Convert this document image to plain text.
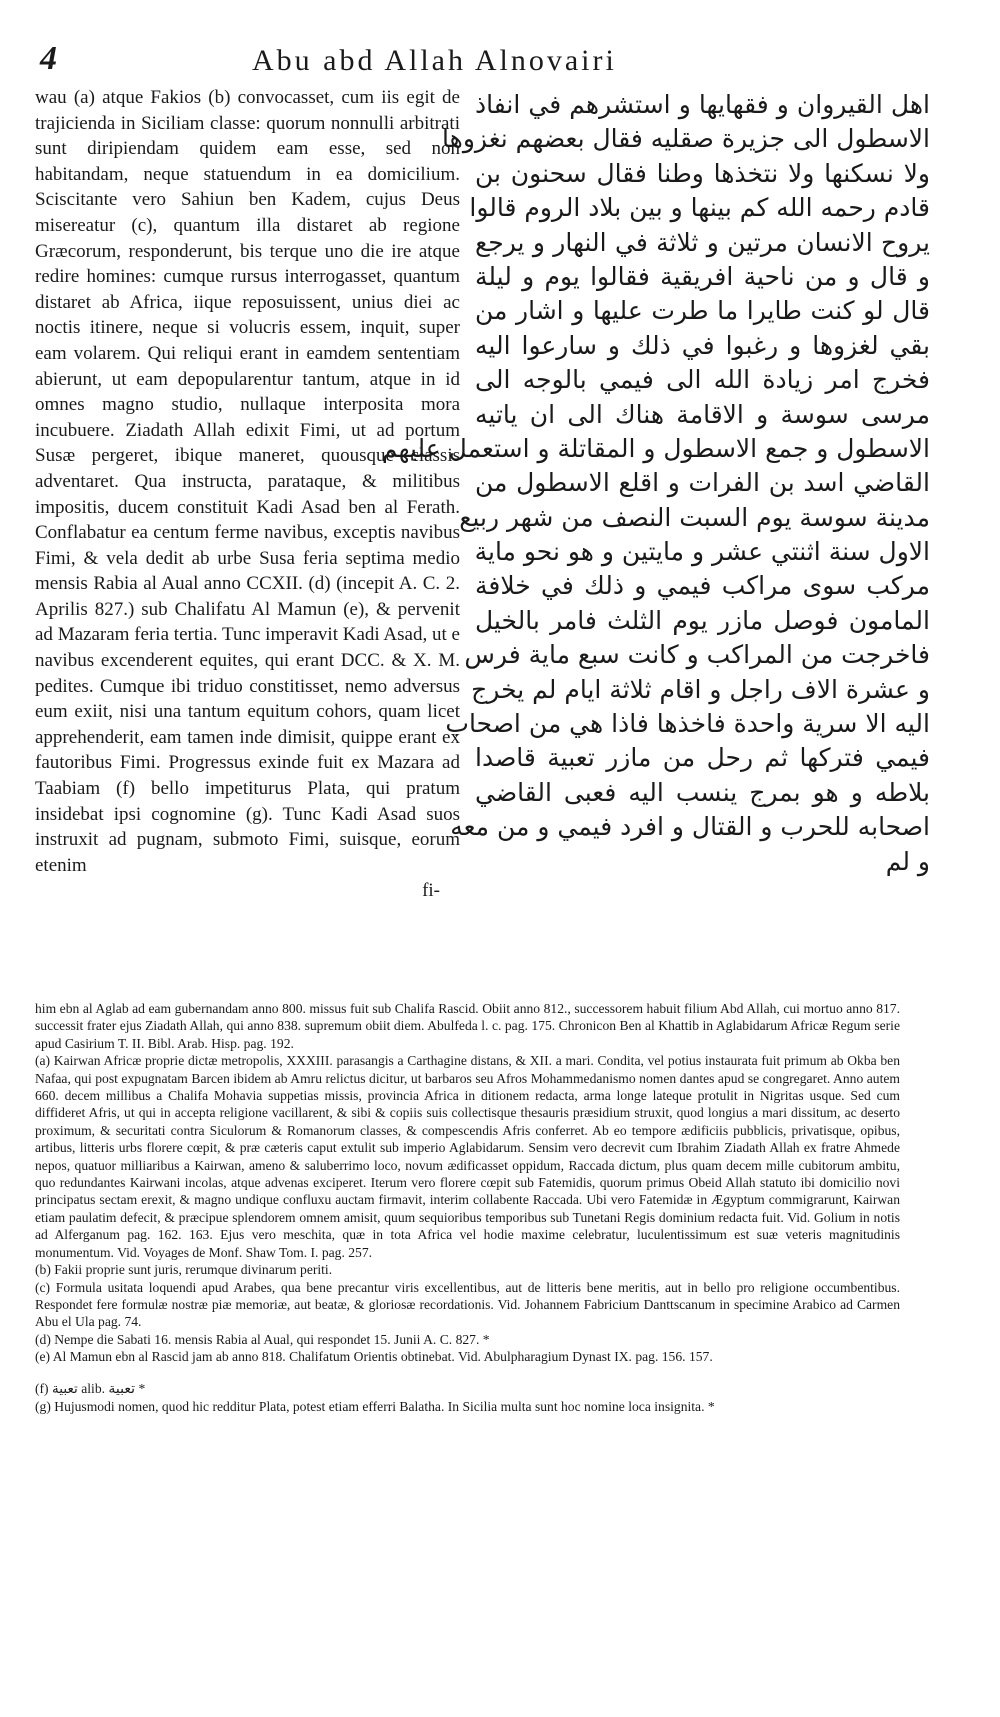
4	Abu abd Allah Alnovairi

wau (a) atque Fakios (b) convocasset, cum iis egit de trajicienda in Siciliam classe: quorum nonnulli arbitrati sunt diripiendam quidem eam esse, sed non habitandam, neque statuendum in ea domicilium. Sciscitante vero Sahiun ben Kadem, cujus Deus misereatur (c), quantum illa distaret ab regione Græcorum, responderunt, bis terque uno die ire atque redire homines: cumque rursus interrogasset, quantum distaret ab Africa, iique reposuissent, unius diei ac noctis itinere, neque si volucris essem, inquit, super eam volarem. Qui reliqui erant in eamdem sententiam abierunt, ut eam depopularentur tantum, atque in id omnes magno studio, nullaque interposita mora incubuere. Ziadath Allah edixit Fimi, ut ad portum Susæ pergeret, ibique maneret, quousque classis adventaret. Qua instructa, parataque, & militibus impositis, ducem constituit Kadi Asad ben al Ferath. Conflabatur ea centum ferme navibus, exceptis navibus Fimi, & vela dedit ab urbe Susa feria septima medio mensis Rabia al Aual anno CCXII. (d) (incepit A. C. 2. Aprilis 827.) sub Chalifatu Al Mamun (e), & pervenit ad Mazaram feria tertia. Tunc imperavit Kadi Asad, ut e navibus excenderent equites, qui erant DCC. & X. M. pedites. Cumque ibi triduo constitisset, nemo adversus eum exiit, nisi una tantum equitum cohors, quam licet apprehenderit, eam tamen inde dimisit, quippe erant ex fautoribus Fimi. Progressus exinde fuit ex Mazara ad Taabiam (f) bello impetiturus Plata, qui pratum insidebat ipsi cognomine (g). Tunc Kadi Asad suos instruxit ad pugnam, submoto Fimi, suisque, eorum etenim

fi-

اهل القيروان و فقهايها و استشرهم في انفاذ
الاسطول الى جزيرة صقليه فقال بعضهم نغزوها
ولا نسكنها ولا نتخذها وطنا فقال سحنون بن
قادم رحمه الله كم بينها و بين بلاد الروم قالوا
يروح الانسان مرتين و ثلاثة في النهار و يرجع
و قال و من ناحية افريقية فقالوا يوم و ليلة
قال لو كنت طايرا ما طرت عليها و اشار من
بقي لغزوها و رغبوا في ذلك و سارعوا اليه
فخرج امر زيادة الله الى فيمي بالوجه الى
مرسى سوسة و الاقامة هناك الى ان ياتيه
الاسطول و جمع الاسطول و المقاتلة و استعمل عليهم
القاضي اسد بن الفرات و اقلع الاسطول من
مدينة سوسة يوم السبت النصف من شهر ربيع
الاول سنة اثنتي عشر و مايتين و هو نحو ماية
مركب سوى مراكب فيمي و ذلك في خلافة
المامون فوصل مازر يوم الثلث فامر بالخيل
فاخرجت من المراكب و كانت سبع ماية فرس
و عشرة الاف راجل و اقام ثلاثة ايام لم يخرج
اليه الا سرية واحدة فاخذها فاذا هي من اصحاب
فيمي فتركها ثم رحل من مازر تعبية قاصدا
بلاطه و هو بمرج ينسب اليه فعبى القاضي
اصحابه للحرب و القتال و افرد فيمي و من معه
و لم

him ebn al Aglab ad eam gubernandam anno 800. missus fuit sub Chalifa Rascid. Obiit anno 812., successorem habuit filium Abd Allah, cui mortuo anno 817. successit frater ejus Ziadath Allah, qui anno 838. supremum obiit diem. Abulfeda l. c. pag. 175. Chronicon Ben al Khattib in Aglabidarum Africæ Regum serie apud Casirium T. II. Bibl. Arab. Hisp. pag. 192.

(a) Kairwan Africæ proprie dictæ metropolis, XXXIII. parasangis a Carthagine distans, & XII. a mari. Condita, vel potius instaurata fuit primum ab Okba ben Nafaa, qui post expugnatam Barcen ibidem ab Amru relictus dicitur, ut barbaros seu Afros Mohammedanismo nomen dantes apud se congregaret. Anno autem 660. decem millibus a Chalifa Mohavia suppetias missis, provincia Africa in ditionem redacta, arma longe lateque protulit in Nigritas usque. Sed cum diffideret Afris, ut qui in accepta religione vacillarent, & sibi & copiis suis collectisque thesauris præsidium struxit, quod longius a mari dissitum, ac deserto proximum, & securitati contra Siculorum & Romanorum classes, & compescendis Afris conferret. Ab eo tempore ædificiis pubblicis, privatisque, opibus, artibus, litteris urbs florere cœpit, & præ cæteris caput extulit sub imperio Aglabidarum. Sensim vero decrevit cum Ibrahim Ziadath Allah ex fratre Ahmede nepos, quatuor milliaribus a Kairwan, ameno & saluberrimo loco, novum ædificasset oppidum, Raccada dictum, plus quam decem mille cubitorum ambitu, quo redundantes Kairwani incolas, atque advenas exciperet. Iterum vero florere cœpit sub Fatemidis, quorum primus Obeid Allah statuto ibi domicilio novi principatus sectam erexit, & magno undique confluxu auctam firmavit, interim collabente Raccada. Ubi vero Fatemidæ in Ægyptum commigrarunt, Kairwan etiam paulatim defecit, & præcipue splendorem omnem amisit, quum sequioribus temporibus sub Tunetani Regis dominium redacta fuit. Vid. Golium in notis ad Alferganum pag. 162. 163. Ejus vero meschita, quæ in tota Africa vel hodie maxime celebratur, luculentissimum est suæ veteris magnitudinis monumentum. Vid. Voyages de Monf. Shaw Tom. I. pag. 257.

(b) Fakii proprie sunt juris, rerumque divinarum periti.

(c) Formula usitata loquendi apud Arabes, qua bene precantur viris excellentibus, aut de litteris bene meritis, aut in bello pro religione occumbentibus. Respondet fere formulæ nostræ piæ memoriæ, aut beatæ, & gloriosæ recordationis. Vid. Johannem Fabricium Danttscanum in specimine Arabico ad Carmen Abu el Ula pag. 74.

(d) Nempe die Sabati 16. mensis Rabia al Aual, qui respondet 15. Junii A. C. 827. *

(e) Al Mamun ebn al Rascid jam ab anno 818. Chalifatum Orientis obtinebat. Vid. Abulpharagium Dynast IX. pag. 156. 157.

(f) تعبية alib. تعبية *

(g) Hujusmodi nomen, quod hic redditur Plata, potest etiam efferri Balatha. In Sicilia multa sunt hoc nomine loca insignita. *
